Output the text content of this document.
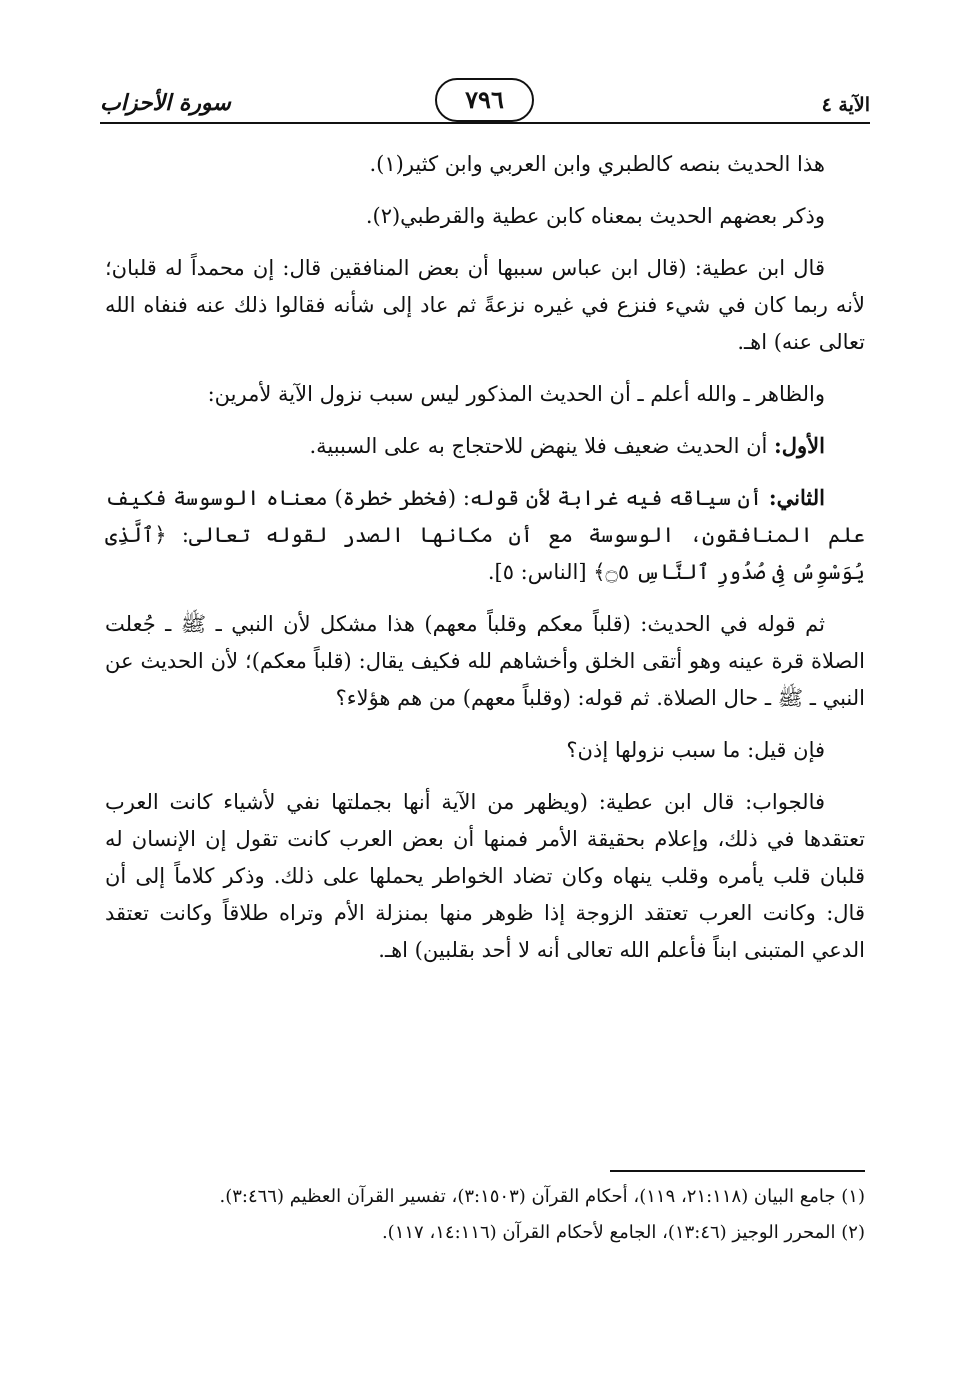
سورة الأحزاب	٧٩٦	الآية ٤

هذا الحديث بنصه كالطبري وابن العربي وابن كثير(١).

وذكر بعضهم الحديث بمعناه كابن عطية والقرطبي(٢).

قال ابن عطية: (قال ابن عباس سببها أن بعض المنافقين قال: إن محمداً له قلبان؛ لأنه ربما كان في شيء فنزع في غيره نزعةً ثم عاد إلى شأنه فقالوا ذلك عنه فنفاه الله تعالى عنه) اهـ.

والظاهر ـ والله أعلم ـ أن الحديث المذكور ليس سبب نزول الآية لأمرين:

الأول: أن الحديث ضعيف فلا ينهض للاحتجاج به على السببية.

الثاني: أن سياقه فيه غرابة لأن قوله: (فخطر خطرة) معناه الوسوسة فكيف علم المنافقون، الوسوسة مع أن مكانها الصدر لقوله تعالى: ﴿ٱلَّذِى يُوَسْوِسُ فِى صُدُورِ ٱلنَّاسِ ۝٥﴾ [الناس: ٥].

ثم قوله في الحديث: (قلباً معكم وقلباً معهم) هذا مشكل لأن النبي ـ ﷺ ـ جُعلت الصلاة قرة عينه وهو أتقى الخلق وأخشاهم لله فكيف يقال: (قلباً معكم)؛ لأن الحديث عن النبي ـ ﷺ ـ حال الصلاة. ثم قوله: (وقلباً معهم) من هم هؤلاء؟

فإن قيل: ما سبب نزولها إذن؟

فالجواب: قال ابن عطية: (ويظهر من الآية أنها بجملتها نفي لأشياء كانت العرب تعتقدها في ذلك، وإعلام بحقيقة الأمر فمنها أن بعض العرب كانت تقول إن الإنسان له قلبان قلب يأمره وقلب ينهاه وكان تضاد الخواطر يحملها على ذلك. وذكر كلاماً إلى أن قال: وكانت العرب تعتقد الزوجة إذا ظوهر منها بمنزلة الأم وتراه طلاقاً وكانت تعتقد الدعي المتبنى ابناً فأعلم الله تعالى أنه لا أحد بقلبين) اهـ.

(١) جامع البيان (٢١:١١٨، ١١٩)، أحكام القرآن (٣:١٥٠٣)، تفسير القرآن العظيم (٣:٤٦٦).

(٢) المحرر الوجيز (١٣:٤٦)، الجامع لأحكام القرآن (١٤:١١٦، ١١٧).
